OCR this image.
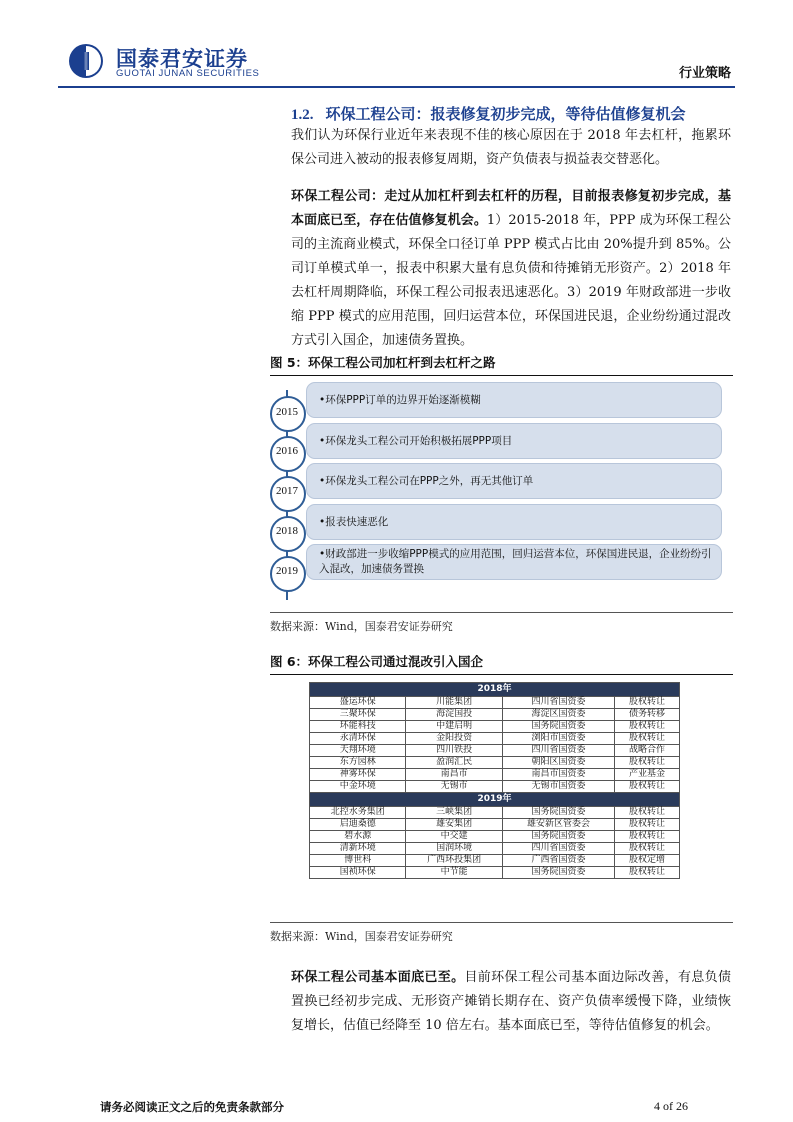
国泰君安证券
GUOTAI JUNAN SECURITIES	行业策略
1.2. 环保工程公司：报表修复初步完成，等待估值修复机会
我们认为环保行业近年来表现不佳的核心原因在于 2018 年去杠杆，拖累环保公司进入被动的报表修复周期，资产负债表与损益表交替恶化。
环保工程公司：走过从加杠杆到去杠杆的历程，目前报表修复初步完成，基本面底已至，存在估值修复机会。1）2015-2018 年，PPP 成为环保工程公司的主流商业模式，环保全口径订单 PPP 模式占比由 20%提升到 85%。公司订单模式单一，报表中积累大量有息负债和待摊销无形资产。2）2018 年去杠杆周期降临，环保工程公司报表迅速恶化。3）2019 年财政部进一步收缩 PPP 模式的应用范围，回归运营本位，环保国进民退，企业纷纷通过混改方式引入国企，加速债务置换。
图 5：环保工程公司加杠杆到去杠杆之路
•环保PPP订单的边界开始逐渐模糊
2015
•环保龙头工程公司开始积极拓展PPP项目
2016
•环保龙头工程公司在PPP之外，再无其他订单
2017
•报表快速恶化
2018
•财政部进一步收缩PPP模式的应用范围，回归运营本位，环保国进民退，企业纷纷引入混改，加速债务置换
2019
数据来源：Wind，国泰君安证券研究
图 6：环保工程公司通过混改引入国企
2018年			
盛运环保	川能集团	四川省国资委	股权转让
三聚环保	海淀国投	海淀区国资委	债务转移
环能科技	中建启明	国务院国资委	股权转让
永清环保	金阳投资	浏阳市国资委	股权转让
天翔环境	四川铁投	四川省国资委	战略合作
东方园林	盈润汇民	朝阳区国资委	股权转让
神雾环保	南昌市	南昌市国资委	产业基金
中金环境	无锡市	无锡市国资委	股权转让
2019年			
北控水务集团	三峡集团	国务院国资委	股权转让
启迪桑德	雄安集团	雄安新区管委会	股权转让
碧水源	中交建	国务院国资委	股权转让
清新环境	国润环境	四川省国资委	股权转让
博世科	广西环投集团	广西省国资委	股权定增
国祯环保	中节能	国务院国资委	股权转让
数据来源：Wind，国泰君安证券研究
环保工程公司基本面底已至。目前环保工程公司基本面边际改善，有息负债置换已经初步完成、无形资产摊销长期存在、资产负债率缓慢下降，业绩恢复增长，估值已经降至 10 倍左右。基本面底已至，等待估值修复的机会。
请务必阅读正文之后的免责条款部分	4 of 26
